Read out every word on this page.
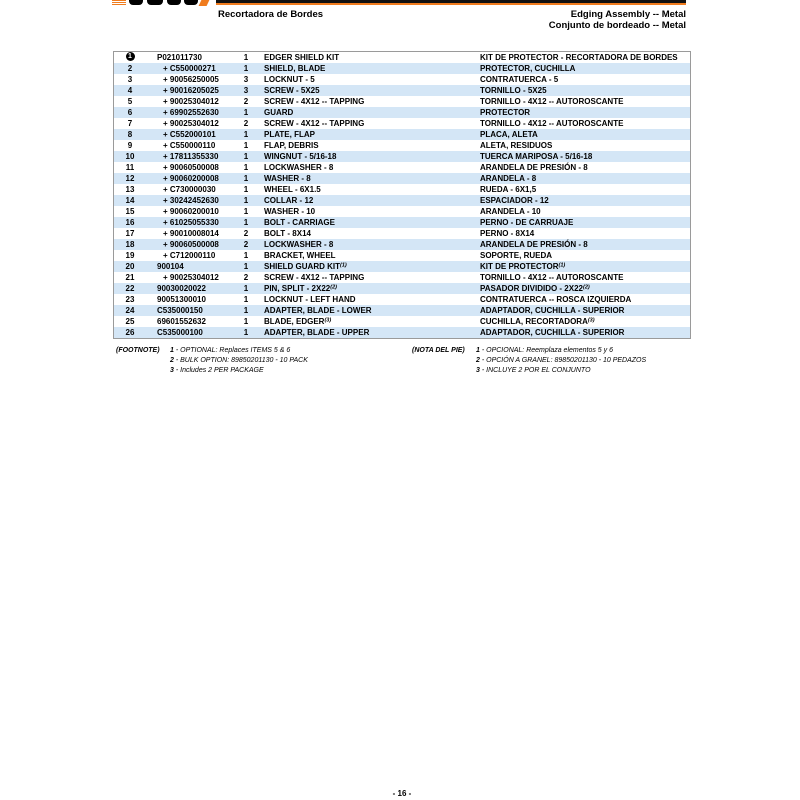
Recortadora de Bordes	Edging Assembly -- Metal
Conjunto de bordeado -- Metal
1	P021011730	1	EDGER SHIELD KIT	KIT DE PROTECTOR - RECORTADORA DE BORDES
2	+ C550000271	1	SHIELD, BLADE	PROTECTOR, CUCHILLA
3	+ 90056250005	3	LOCKNUT - 5	CONTRATUERCA - 5
4	+ 90016205025	3	SCREW - 5X25	TORNILLO - 5X25
5	+ 90025304012	2	SCREW - 4X12 -- TAPPING	TORNILLO - 4X12 -- AUTOROSCANTE
6	+ 69902552630	1	GUARD	PROTECTOR
7	+ 90025304012	2	SCREW - 4X12 -- TAPPING	TORNILLO - 4X12 -- AUTOROSCANTE
8	+ C552000101	1	PLATE, FLAP	PLACA, ALETA
9	+ C550000110	1	FLAP, DEBRIS	ALETA, RESIDUOS
10	+ 17811355330	1	WINGNUT - 5/16-18	TUERCA MARIPOSA - 5/16-18
11	+ 90060500008	1	LOCKWASHER - 8	ARANDELA DE PRESIÓN - 8
12	+ 90060200008	1	WASHER - 8	ARANDELA - 8
13	+ C730000030	1	WHEEL - 6X1.5	RUEDA - 6X1,5
14	+ 30242452630	1	COLLAR - 12	ESPACIADOR - 12
15	+ 90060200010	1	WASHER - 10	ARANDELA - 10
16	+ 61025055330	1	BOLT - CARRIAGE	PERNO - DE CARRUAJE
17	+ 90010008014	2	BOLT - 8X14	PERNO - 8X14
18	+ 90060500008	2	LOCKWASHER - 8	ARANDELA DE PRESIÓN - 8
19	+ C712000110	1	BRACKET, WHEEL	SOPORTE, RUEDA
20	900104	1	SHIELD GUARD KIT$^{(1)}$	KIT DE PROTECTOR$^{(1)}$
21	+ 90025304012	2	SCREW - 4X12 -- TAPPING	TORNILLO - 4X12 -- AUTOROSCANTE
22	90030020022	1	PIN, SPLIT - 2X22$^{(2)}$	PASADOR DIVIDIDO - 2X22$^{(2)}$
23	90051300010	1	LOCKNUT - LEFT HAND	CONTRATUERCA -- ROSCA IZQUIERDA
24	C535000150	1	ADAPTER, BLADE - LOWER	ADAPTADOR, CUCHILLA - SUPERIOR
25	69601552632	1	BLADE, EDGER$^{(3)}$	CUCHILLA, RECORTADORA$^{(3)}$
26	C535000100	1	ADAPTER, BLADE - UPPER	ADAPTADOR, CUCHILLA - SUPERIOR
(FOOTNOTE) 1 - OPTIONAL: Replaces ITEMS 5 & 6
2 - BULK OPTION: 89850201130 - 10 PACK
3 - Includes 2 PER PACKAGE
(NOTA DEL PIE) 1 - OPCIONAL: Reemplaza elementos 5 y 6
2 - OPCIÓN A GRANEL: 89850201130 - 10 PEDAZOS
3 - INCLUYE 2 POR EL CONJUNTO
- 16 -
